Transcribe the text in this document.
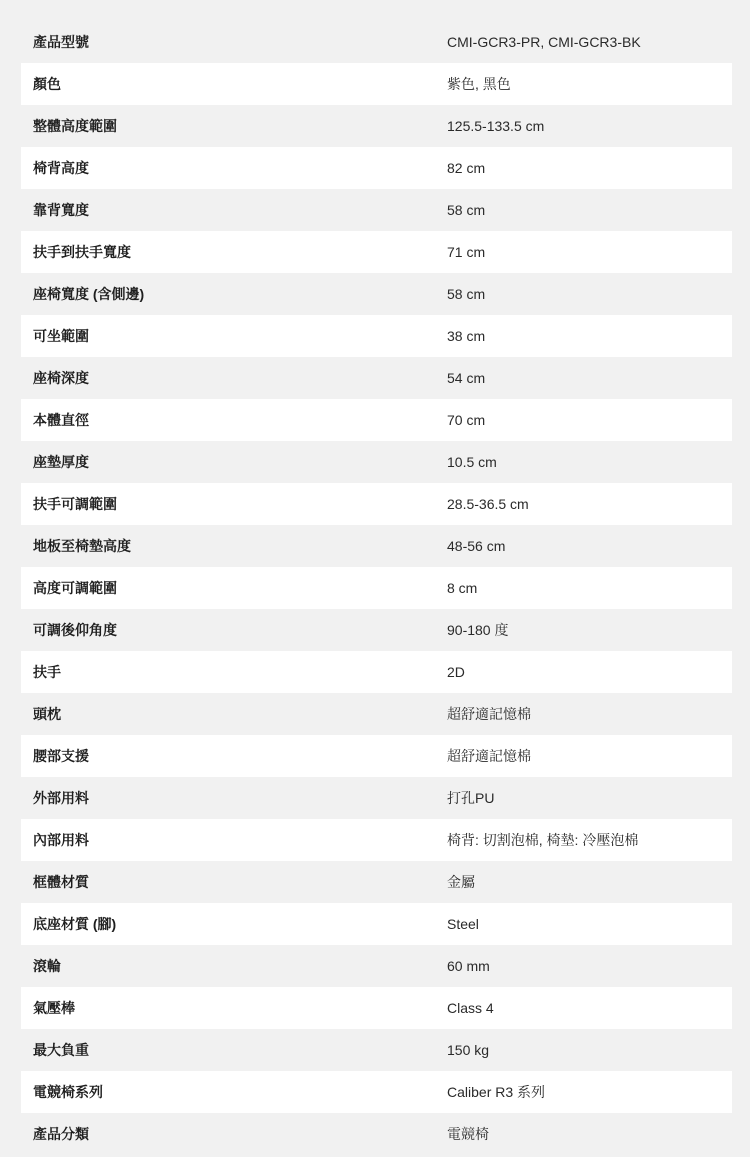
產品型號	CMI-GCR3-PR, CMI-GCR3-BK
顏色	紫色, 黑色
整體高度範圍	125.5-133.5 cm
椅背高度	82 cm
靠背寬度	58 cm
扶手到扶手寬度	71 cm
座椅寬度 (含側邊)	58 cm
可坐範圍	38 cm
座椅深度	54 cm
本體直徑	70 cm
座墊厚度	10.5 cm
扶手可調範圍	28.5-36.5 cm
地板至椅墊高度	48-56 cm
高度可調範圍	8 cm
可調後仰角度	90-180 度
扶手	2D
頭枕	超舒適記憶棉
腰部支援	超舒適記憶棉
外部用料	打孔PU
內部用料	椅背: 切割泡棉, 椅墊: 冷壓泡棉
框體材質	金屬
底座材質 (腳)	Steel
滾輪	60 mm
氣壓棒	Class 4
最大負重	150 kg
電競椅系列	Caliber R3 系列
產品分類	電競椅
